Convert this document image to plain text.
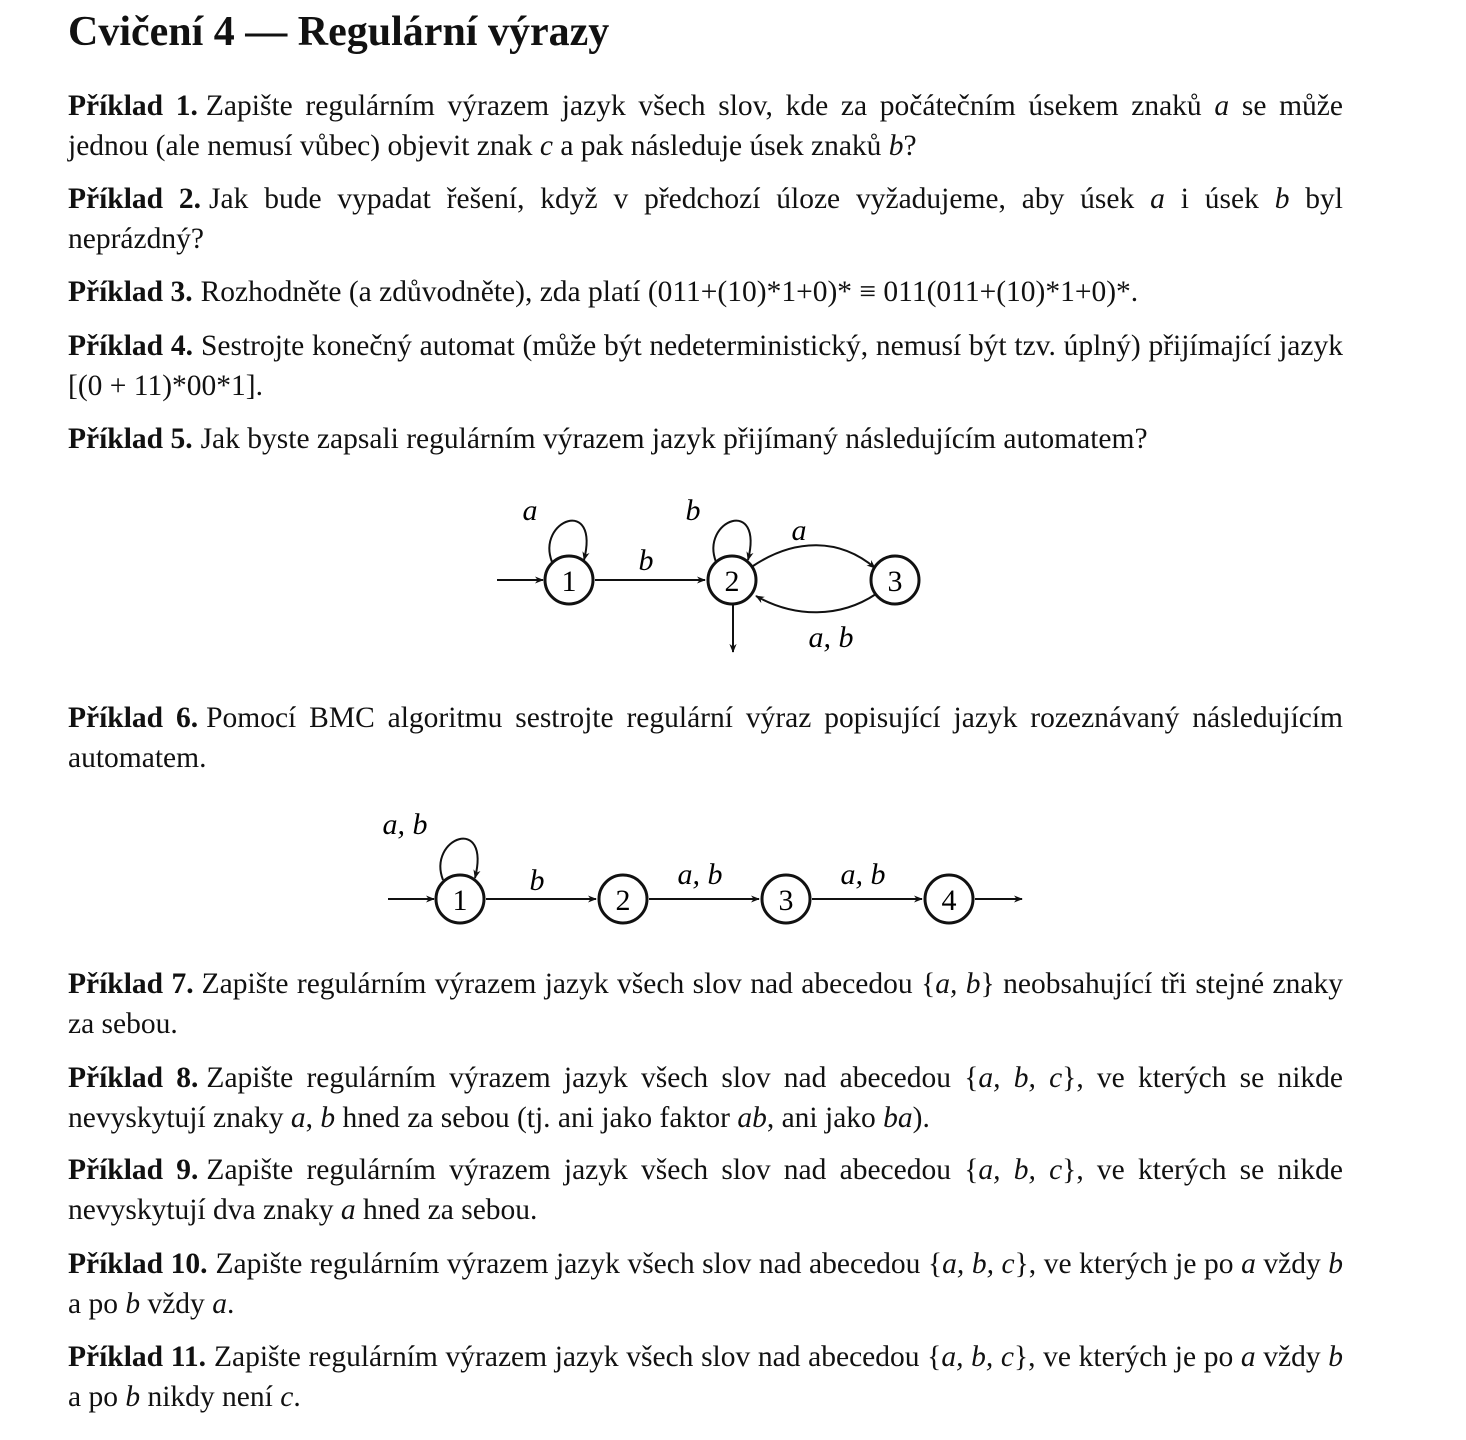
Cvičení 4 — Regulární výrazy

Příklad 1. Zapište regulárním výrazem jazyk všech slov, kde za počátečním úsekem znaků a se může jednou (ale nemusí vůbec) objevit znak c a pak následuje úsek znaků b?

Příklad 2. Jak bude vypadat řešení, když v předchozí úloze vyžadujeme, aby úsek a i úsek b byl neprázdný?

Příklad 3. Rozhodněte (a zdůvodněte), zda platí (011+(10)*1+0)* ≡ 011(011+(10)*1+0)*.

Příklad 4. Sestrojte konečný automat (může být nedeterministický, nemusí být tzv. úplný) přijímající jazyk [(0 + 11)*00*1].

Příklad 5. Jak byste zapsali regulárním výrazem jazyk přijímaný následujícím automatem?

a
b
b
a
a, b
1	2	3

Příklad 6. Pomocí BMC algoritmu sestrojte regulární výraz popisující jazyk rozeznávaný následujícím automatem.

a, b
b	a, b	a, b
1	2	3	4

Příklad 7. Zapište regulárním výrazem jazyk všech slov nad abecedou {a, b} neobsahující tři stejné znaky za sebou.

Příklad 8. Zapište regulárním výrazem jazyk všech slov nad abecedou {a, b, c}, ve kterých se nikde nevyskytují znaky a, b hned za sebou (tj. ani jako faktor ab, ani jako ba).

Příklad 9. Zapište regulárním výrazem jazyk všech slov nad abecedou {a, b, c}, ve kterých se nikde nevyskytují dva znaky a hned za sebou.

Příklad 10. Zapište regulárním výrazem jazyk všech slov nad abecedou {a, b, c}, ve kterých je po a vždy b a po b vždy a.

Příklad 11. Zapište regulárním výrazem jazyk všech slov nad abecedou {a, b, c}, ve kterých je po a vždy b a po b nikdy není c.
